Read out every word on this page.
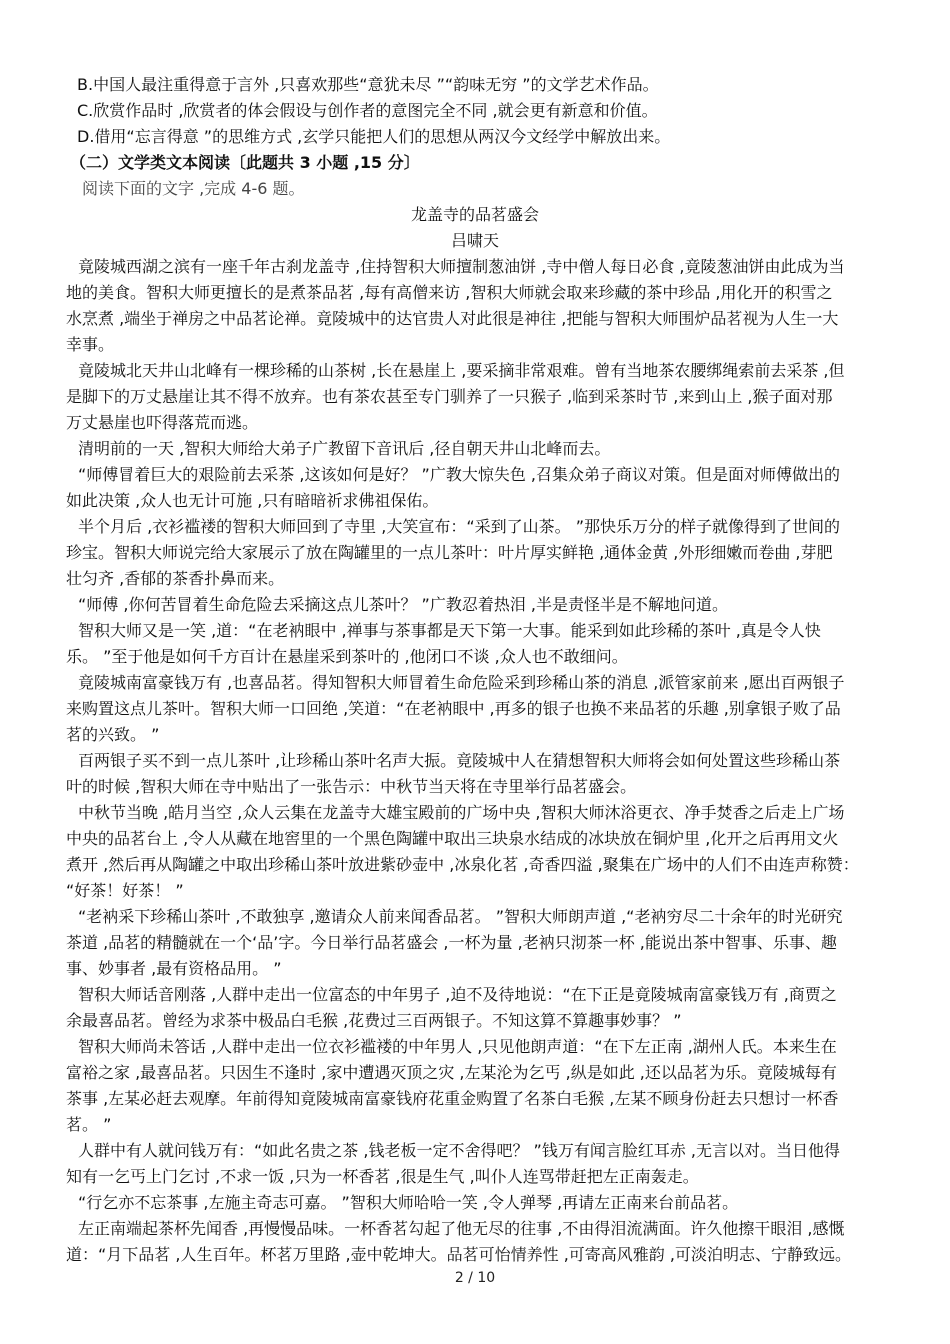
B.中国人最注重得意于言外 ,只喜欢那些“意犹未尽 ”“韵味无穷 ”的文学艺术作品。
C.欣赏作品时 ,欣赏者的体会假设与创作者的意图完全不同 ,就会更有新意和价值。
D.借用“忘言得意 ”的思维方式 ,玄学只能把人们的思想从两汉今文经学中解放出来。
（二）文学类文本阅读〔此题共 3 小题 ,15 分〕
阅读下面的文字 ,完成 4-6 题。
龙盖寺的品茗盛会
吕啸天
竟陵城西湖之滨有一座千年古刹龙盖寺 ,住持智积大师擅制葱油饼 ,寺中僧人每日必食 ,竟陵葱油饼由此成为当
地的美食。智积大师更擅长的是煮茶品茗 ,每有高僧来访 ,智积大师就会取来珍藏的茶中珍品 ,用化开的积雪之
水烹煮 ,端坐于禅房之中品茗论禅。竟陵城中的达官贵人对此很是神往 ,把能与智积大师围炉品茗视为人生一大
幸事。
竟陵城北天井山北峰有一棵珍稀的山茶树 ,长在悬崖上 ,要采摘非常艰难。曾有当地茶农腰绑绳索前去采茶 ,但
是脚下的万丈悬崖让其不得不放弃。也有茶农甚至专门驯养了一只猴子 ,临到采茶时节 ,来到山上 ,猴子面对那
万丈悬崖也吓得落荒而逃。
清明前的一天 ,智积大师给大弟子广教留下音讯后 ,径自朝天井山北峰而去。
“师傅冒着巨大的艰险前去采茶 ,这该如何是好？ ”广教大惊失色 ,召集众弟子商议对策。但是面对师傅做出的
如此决策 ,众人也无计可施 ,只有暗暗祈求佛祖保佑。
半个月后 ,衣衫褴褛的智积大师回到了寺里 ,大笑宣布：“采到了山茶。 ”那快乐万分的样子就像得到了世间的
珍宝。智积大师说完给大家展示了放在陶罐里的一点儿茶叶：叶片厚实鲜艳 ,通体金黄 ,外形细嫩而卷曲 ,芽肥
壮匀齐 ,香郁的茶香扑鼻而来。
“师傅 ,你何苦冒着生命危险去采摘这点儿茶叶？ ”广教忍着热泪 ,半是责怪半是不解地问道。
智积大师又是一笑 ,道：“在老衲眼中 ,禅事与茶事都是天下第一大事。能采到如此珍稀的茶叶 ,真是令人快
乐。 ”至于他是如何千方百计在悬崖采到茶叶的 ,他闭口不谈 ,众人也不敢细问。
竟陵城南富豪钱万有 ,也喜品茗。得知智积大师冒着生命危险采到珍稀山茶的消息 ,派管家前来 ,愿出百两银子
来购置这点儿茶叶。智积大师一口回绝 ,笑道：“在老衲眼中 ,再多的银子也换不来品茗的乐趣 ,别拿银子败了品
茗的兴致。 ”
百两银子买不到一点儿茶叶 ,让珍稀山茶叶名声大振。竟陵城中人在猜想智积大师将会如何处置这些珍稀山茶
叶的时候 ,智积大师在寺中贴出了一张告示：中秋节当天将在寺里举行品茗盛会。
中秋节当晚 ,皓月当空 ,众人云集在龙盖寺大雄宝殿前的广场中央 ,智积大师沐浴更衣、净手焚香之后走上广场
中央的品茗台上 ,令人从藏在地窖里的一个黑色陶罐中取出三块泉水结成的冰块放在铜炉里 ,化开之后再用文火
煮开 ,然后再从陶罐之中取出珍稀山茶叶放进紫砂壶中 ,冰泉化茗 ,奇香四溢 ,聚集在广场中的人们不由连声称赞：
“好茶！好茶！ ”
“老衲采下珍稀山茶叶 ,不敢独享 ,邀请众人前来闻香品茗。 ”智积大师朗声道 ,“老衲穷尽二十余年的时光研究
茶道 ,品茗的精髓就在一个‘品’字。今日举行品茗盛会 ,一杯为量 ,老衲只沏茶一杯 ,能说出茶中智事、乐事、趣
事、妙事者 ,最有资格品用。 ”
智积大师话音刚落 ,人群中走出一位富态的中年男子 ,迫不及待地说：“在下正是竟陵城南富豪钱万有 ,商贾之
余最喜品茗。曾经为求茶中极品白毛猴 ,花费过三百两银子。不知这算不算趣事妙事？ ”
智积大师尚未答话 ,人群中走出一位衣衫褴褛的中年男人 ,只见他朗声道：“在下左正南 ,湖州人氏。本来生在
富裕之家 ,最喜品茗。只因生不逢时 ,家中遭遇灭顶之灾 ,左某沦为乞丐 ,纵是如此 ,还以品茗为乐。竟陵城每有
茶事 ,左某必赶去观摩。年前得知竟陵城南富豪钱府花重金购置了名茶白毛猴 ,左某不顾身份赶去只想讨一杯香
茗。 ”
人群中有人就问钱万有：“如此名贵之茶 ,钱老板一定不舍得吧？ ”钱万有闻言脸红耳赤 ,无言以对。当日他得
知有一乞丐上门乞讨 ,不求一饭 ,只为一杯香茗 ,很是生气 ,叫仆人连骂带赶把左正南轰走。
“行乞亦不忘茶事 ,左施主奇志可嘉。 ”智积大师哈哈一笑 ,令人弹琴 ,再请左正南来台前品茗。
左正南端起茶杯先闻香 ,再慢慢品味。一杯香茗勾起了他无尽的往事 ,不由得泪流满面。许久他擦干眼泪 ,感慨
道：“月下品茗 ,人生百年。杯茗万里路 ,壶中乾坤大。品茗可怡情养性 ,可寄高风雅韵 ,可淡泊明志、宁静致远。
2 / 10
